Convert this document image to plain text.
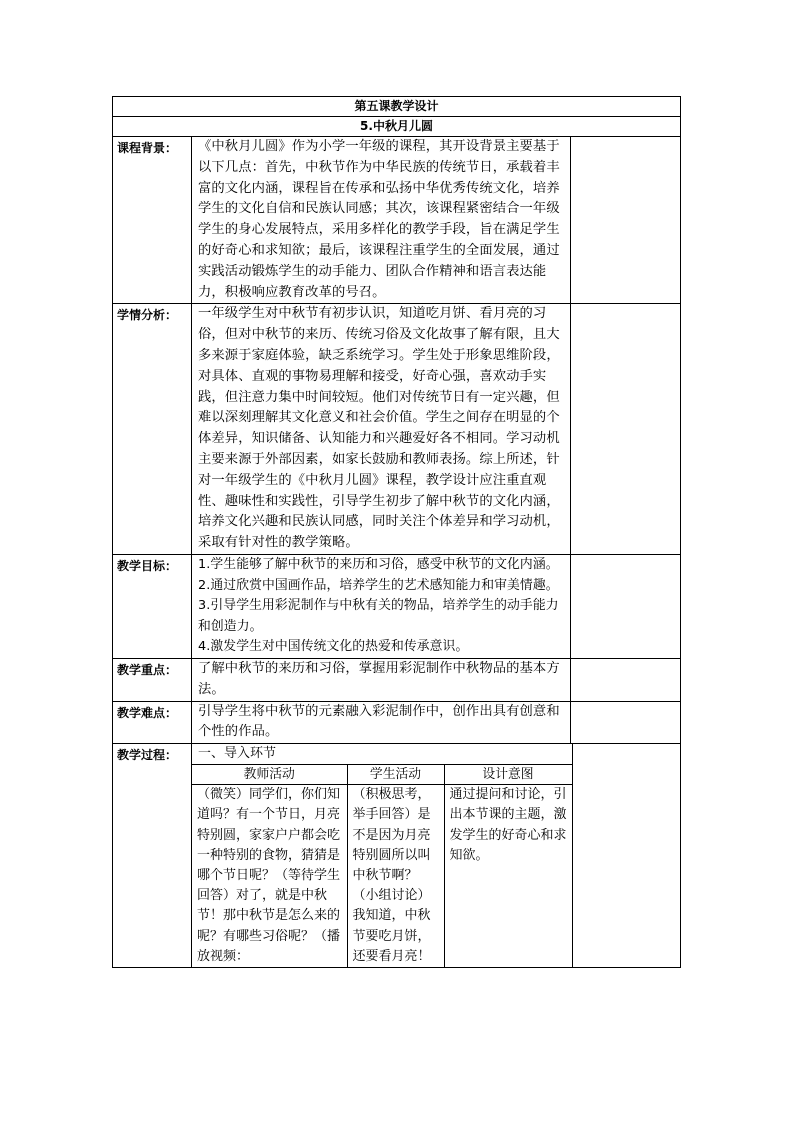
第五课教学设计
5.中秋月儿圆
课程背景：	《中秋月儿圆》作为小学一年级的课程，其开设背景主要基于以下几点：首先，中秋节作为中华民族的传统节日，承载着丰富的文化内涵，课程旨在传承和弘扬中华优秀传统文化，培养学生的文化自信和民族认同感；其次，该课程紧密结合一年级学生的身心发展特点，采用多样化的教学手段，旨在满足学生的好奇心和求知欲；最后，该课程注重学生的全面发展，通过实践活动锻炼学生的动手能力、团队合作精神和语言表达能力，积极响应教育改革的号召。	
学情分析：	一年级学生对中秋节有初步认识，知道吃月饼、看月亮的习俗，但对中秋节的来历、传统习俗及文化故事了解有限，且大多来源于家庭体验，缺乏系统学习。学生处于形象思维阶段，对具体、直观的事物易理解和接受，好奇心强，喜欢动手实践，但注意力集中时间较短。他们对传统节日有一定兴趣，但难以深刻理解其文化意义和社会价值。学生之间存在明显的个体差异，知识储备、认知能力和兴趣爱好各不相同。学习动机主要来源于外部因素，如家长鼓励和教师表扬。综上所述，针对一年级学生的《中秋月儿圆》课程，教学设计应注重直观性、趣味性和实践性，引导学生初步了解中秋节的文化内涵，培养文化兴趣和民族认同感，同时关注个体差异和学习动机，采取有针对性的教学策略。	
教学目标：	1.学生能够了解中秋节的来历和习俗，感受中秋节的文化内涵。

2.通过欣赏中国画作品，培养学生的艺术感知能力和审美情趣。

3.引导学生用彩泥制作与中秋有关的物品，培养学生的动手能力和创造力。

4.激发学生对中国传统文化的热爱和传承意识。

教学重点：	了解中秋节的来历和习俗，掌握用彩泥制作中秋物品的基本方法。	
教学难点：	引导学生将中秋节的元素融入彩泥制作中，创作出具有创意和个性的作品。	
教学过程：	一、导入环节
教师活动	学生活动	设计意图
（微笑）同学们，你们知道吗？有一个节日，月亮特别圆，家家户户都会吃一种特别的食物，猜猜是哪个节日呢？（等待学生回答）对了，就是中秋节！那中秋节是怎么来的呢？有哪些习俗呢？（播放视频：	（积极思考，举手回答）是不是因为月亮特别圆所以叫中秋节啊？（小组讨论）我知道，中秋节要吃月饼，还要看月亮！	通过提问和讨论，引出本节课的主题，激发学生的好奇心和求知欲。
